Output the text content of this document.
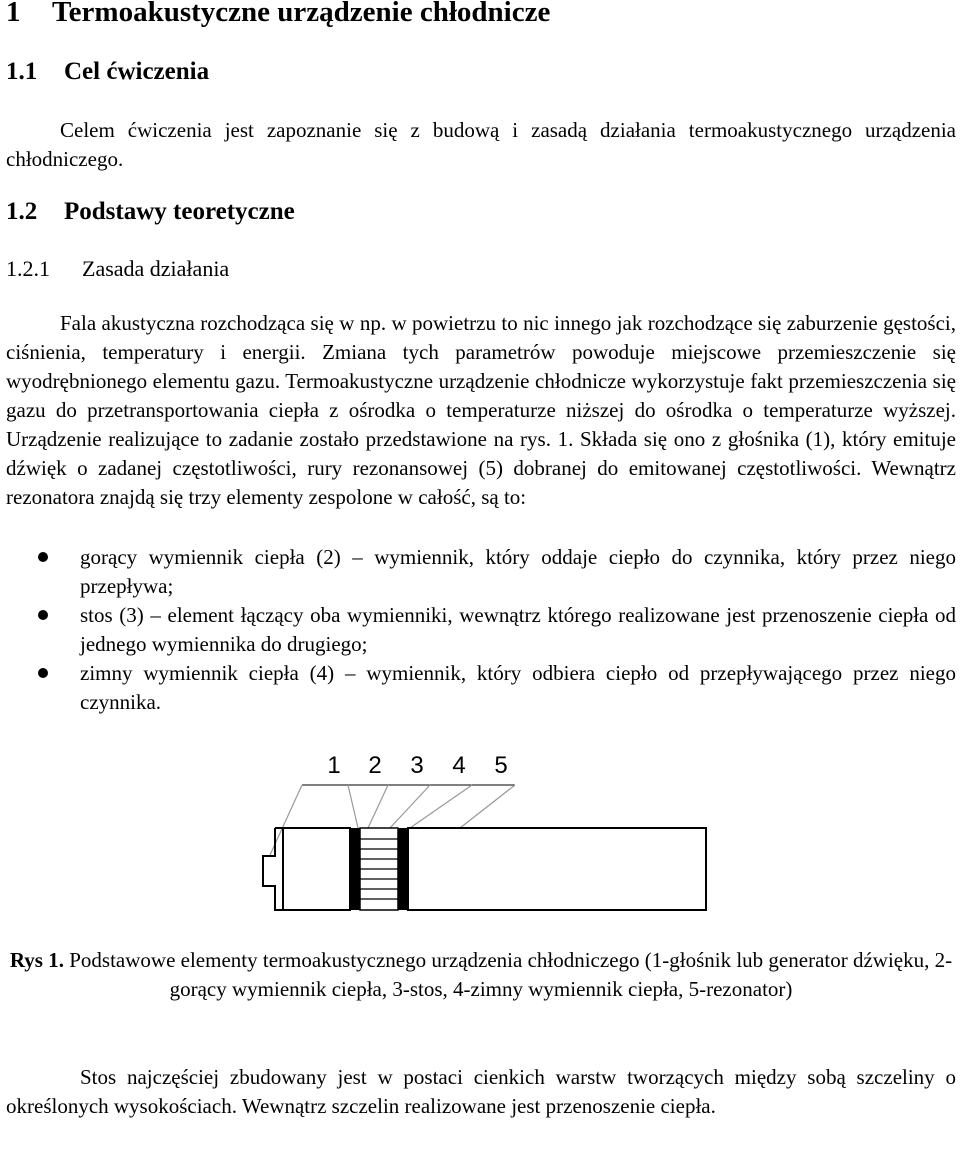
1 Termoakustyczne urządzenie chłodnicze
1.1 Cel ćwiczenia
Celem ćwiczenia jest zapoznanie się z budową i zasadą działania termoakustycznego urządzenia chłodniczego.
1.2 Podstawy teoretyczne
1.2.1 Zasada działania
Fala akustyczna rozchodząca się w np. w powietrzu to nic innego jak rozchodzące się zaburzenie gęstości, ciśnienia, temperatury i energii. Zmiana tych parametrów powoduje miejscowe przemieszczenie się wyodrębnionego elementu gazu. Termoakustyczne urządzenie chłodnicze wykorzystuje fakt przemieszczenia się gazu do przetransportowania ciepła z ośrodka o temperaturze niższej do ośrodka o temperaturze wyższej. Urządzenie realizujące to zadanie zostało przedstawione na rys. 1. Składa się ono z głośnika (1), który emituje dźwięk o zadanej częstotliwości, rury rezonansowej (5) dobranej do emitowanej częstotliwości. Wewnątrz rezonatora znajdą się trzy elementy zespolone w całość, są to:
gorący wymiennik ciepła (2) – wymiennik, który oddaje ciepło do czynnika, który przez niego przepływa;
stos (3) – element łączący oba wymienniki, wewnątrz którego realizowane jest przenoszenie ciepła od jednego wymiennika do drugiego;
zimny wymiennik ciepła (4) – wymiennik, który odbiera ciepło od przepływającego przez niego czynnika.
1 2 3 4 5
Rys 1. Podstawowe elementy termoakustycznego urządzenia chłodniczego (1-głośnik lub generator dźwięku, 2-gorący wymiennik ciepła, 3-stos, 4-zimny wymiennik ciepła, 5-rezonator)
Stos najczęściej zbudowany jest w postaci cienkich warstw tworzących między sobą szczeliny o określonych wysokościach. Wewnątrz szczelin realizowane jest przenoszenie ciepła.
